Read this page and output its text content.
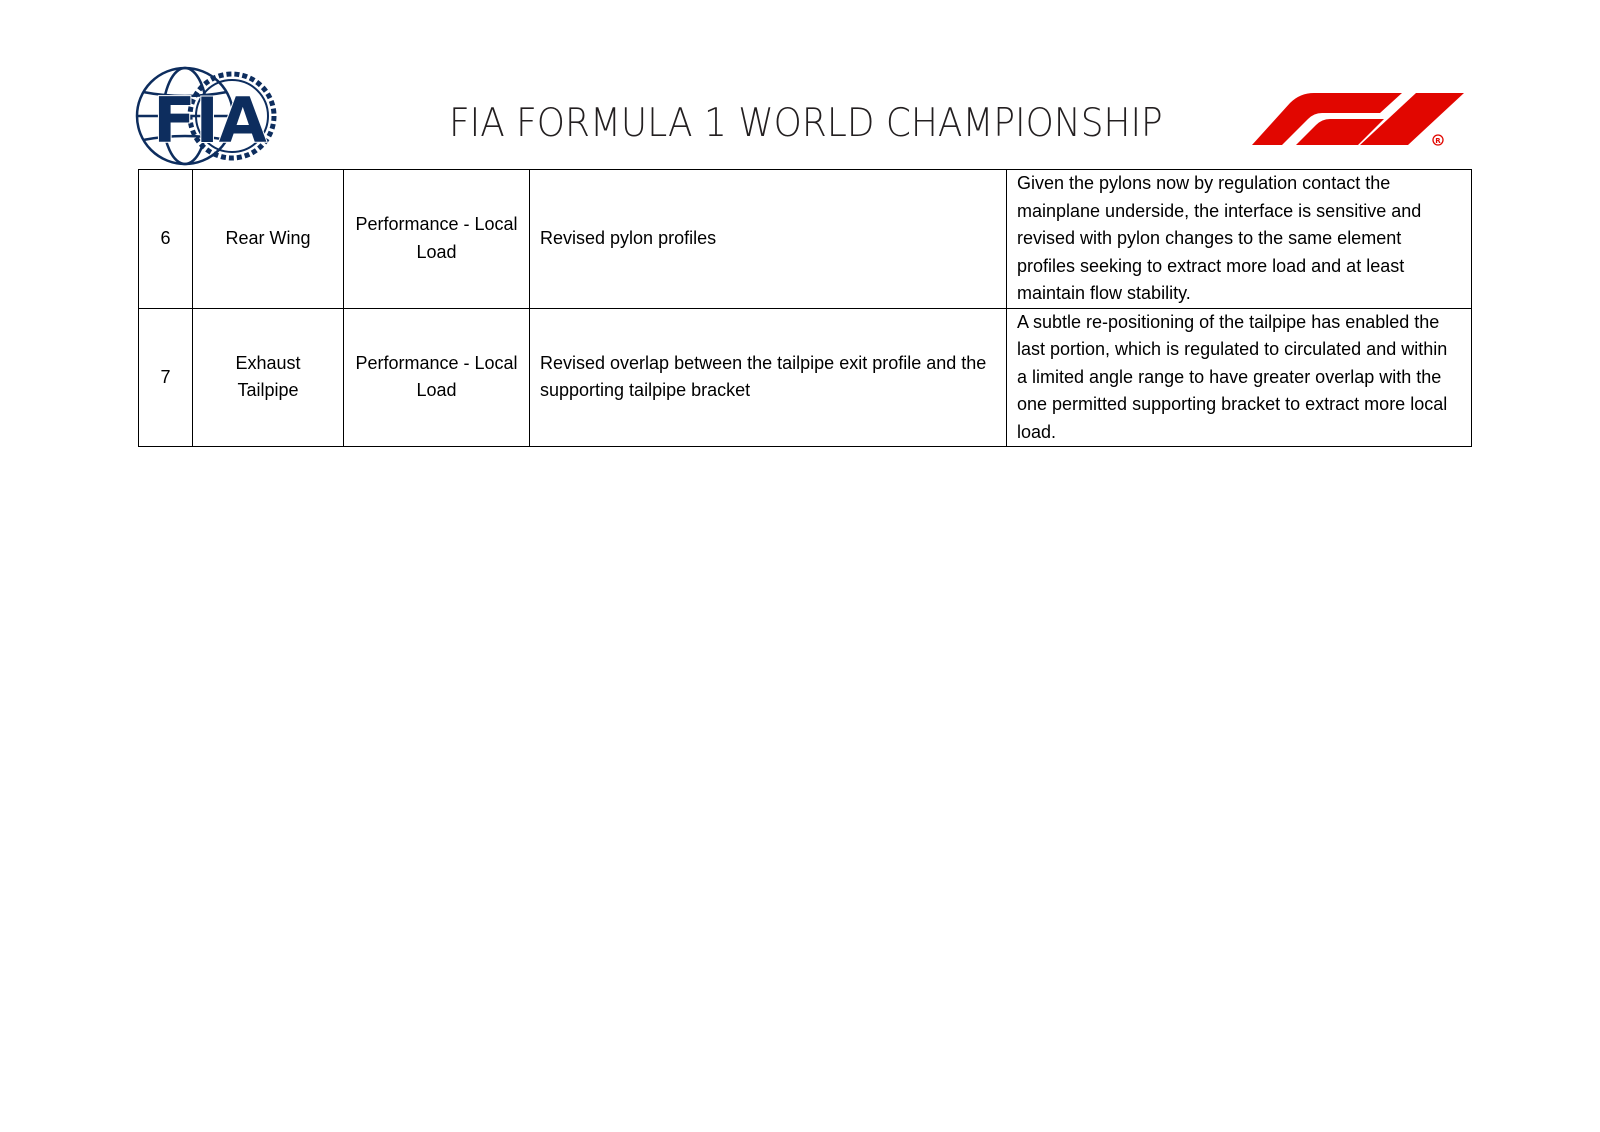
FIA	FIA FORMULA 1 WORLD CHAMPIONSHIP	R
6	Rear Wing	Performance - Local Load	Revised pylon profiles	Given the pylons now by regulation contact the mainplane underside, the interface is sensitive and revised with pylon changes to the same element profiles seeking to extract more load and at least maintain flow stability.
7	Exhaust Tailpipe	Performance - Local Load	Revised overlap between the tailpipe exit profile and the supporting tailpipe bracket	A subtle re-positioning of the tailpipe has enabled the last portion, which is regulated to circulated and within a limited angle range to have greater overlap with the one permitted supporting bracket to extract more local load.
